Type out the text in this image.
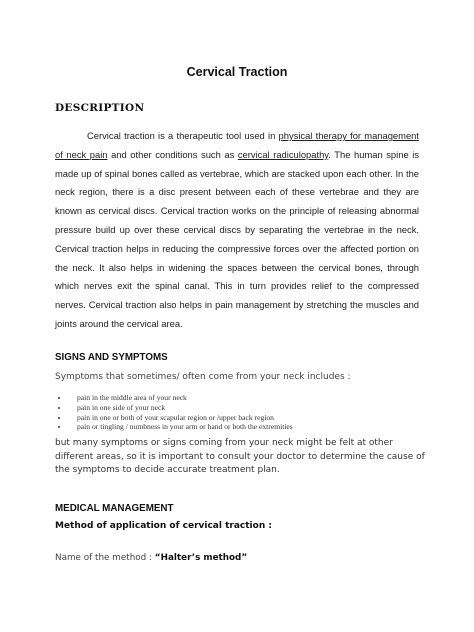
Cervical Traction
DESCRIPTION
Cervical traction is a therapeutic tool used in physical therapy for management of neck pain and other conditions such as cervical radiculopathy. The human spine is made up of spinal bones called as vertebrae, which are stacked upon each other. In the neck region, there is a disc present between each of these vertebrae and they are known as cervical discs. Cervical traction works on the principle of releasing abnormal pressure build up over these cervical discs by separating the vertebrae in the neck. Cervical traction helps in reducing the compressive forces over the affected portion on the neck. It also helps in widening the spaces between the cervical bones, through which nerves exit the spinal canal. This in turn provides relief to the compressed nerves. Cervical traction also helps in pain management by stretching the muscles and joints around the cervical area.
SIGNS AND SYMPTOMS
Symptoms that sometimes/ often come from your neck includes :
• pain in the middle area of your neck
• pain in one side of your neck
• pain in one or both of your scapular region or /upper back region
• pain or tingling / numbness in your arm or hand or both the extremities
but many symptoms or signs coming from your neck might be felt at other different areas, so it is important to consult your doctor to determine the cause of the symptoms to decide accurate treatment plan.
MEDICAL MANAGEMENT
Method of application of cervical traction :
Name of the method : “Halter’s method”
